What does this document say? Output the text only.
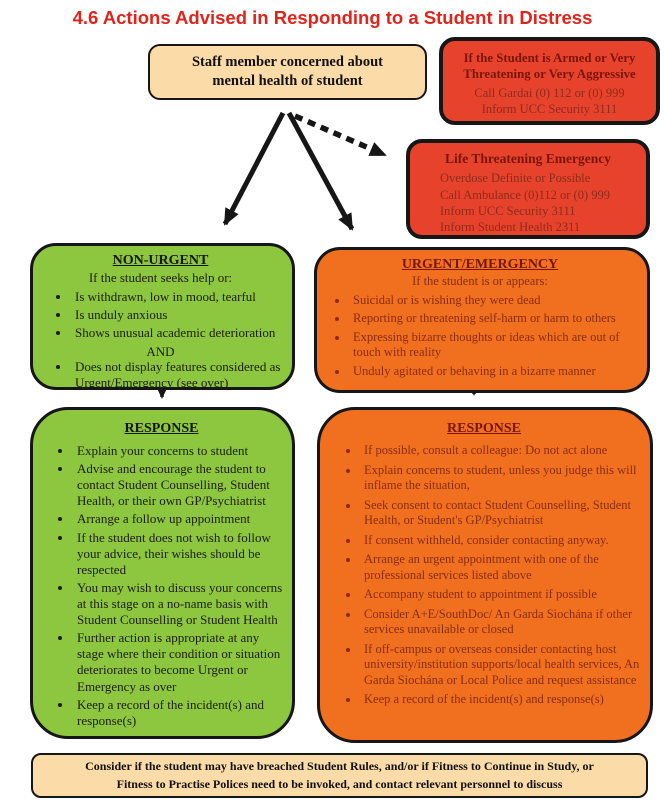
4.6 Actions Advised in Responding to a Student in Distress
Staff member concerned about
mental health of student
If the Student is Armed or Very
Threatening or Very Aggressive
Call Gardai (0) 112 or (0) 999
Inform UCC Security 3111
Life Threatening Emergency
Overdose Definite or Possible
Call Ambulance (0)112 or (0) 999
Inform UCC Security 3111
Inform Student Health 2311
NON-URGENT
If the student seeks help or:
• Is withdrawn, low in mood, tearful
• Is unduly anxious
• Shows unusual academic deterioration
AND
• Does not display features considered as Urgent/Emergency (see over)
URGENT/EMERGENCY
If the student is or appears:
• Suicidal or is wishing they were dead
• Reporting or threatening self-harm or harm to others
• Expressing bizarre thoughts or ideas which are out of touch with reality
• Unduly agitated or behaving in a bizarre manner
RESPONSE
• Explain your concerns to student
• Advise and encourage the student to contact Student Counselling, Student Health, or their own GP/Psychiatrist
• Arrange a follow up appointment
• If the student does not wish to follow your advice, their wishes should be respected
• You may wish to discuss your concerns at this stage on a no-name basis with Student Counselling or Student Health
• Further action is appropriate at any stage where their condition or situation deteriorates to become Urgent or Emergency as over
• Keep a record of the incident(s) and response(s)
RESPONSE
• If possible, consult a colleague: Do not act alone
• Explain concerns to student, unless you judge this will inflame the situation,
• Seek consent to contact Student Counselling, Student Health, or Student's GP/Psychiatrist
• If consent withheld, consider contacting anyway.
• Arrange an urgent appointment with one of the professional services listed above
• Accompany student to appointment if possible
• Consider A+E/SouthDoc/ An Garda Siochána if other services unavailable or closed
• If off-campus or overseas consider contacting host university/institution supports/local health services, An Garda Siochána or Local Police and request assistance
• Keep a record of the incident(s) and response(s)
Consider if the student may have breached Student Rules, and/or if Fitness to Continue in Study, or
Fitness to Practise Polices need to be invoked, and contact relevant personnel to discuss
